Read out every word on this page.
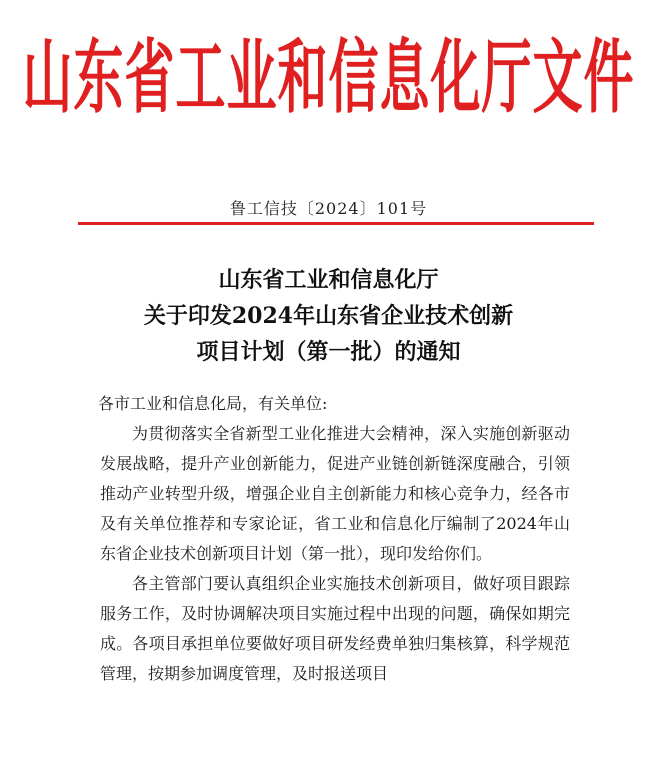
山东省工业和信息化厅文件
鲁工信技〔2024〕101号
山东省工业和信息化厅
关于印发2024年山东省企业技术创新
项目计划（第一批）的通知

各市工业和信息化局，有关单位:

为贯彻落实全省新型工业化推进大会精神，深入实施创新驱动发展战略，提升产业创新能力，促进产业链创新链深度融合，引领推动产业转型升级，增强企业自主创新能力和核心竞争力，经各市及有关单位推荐和专家论证，省工业和信息化厅编制了2024年山东省企业技术创新项目计划（第一批），现印发给你们。

各主管部门要认真组织企业实施技术创新项目，做好项目跟踪服务工作，及时协调解决项目实施过程中出现的问题，确保如期完成。各项目承担单位要做好项目研发经费单独归集核算，科学规范管理，按期参加调度管理，及时报送项目
